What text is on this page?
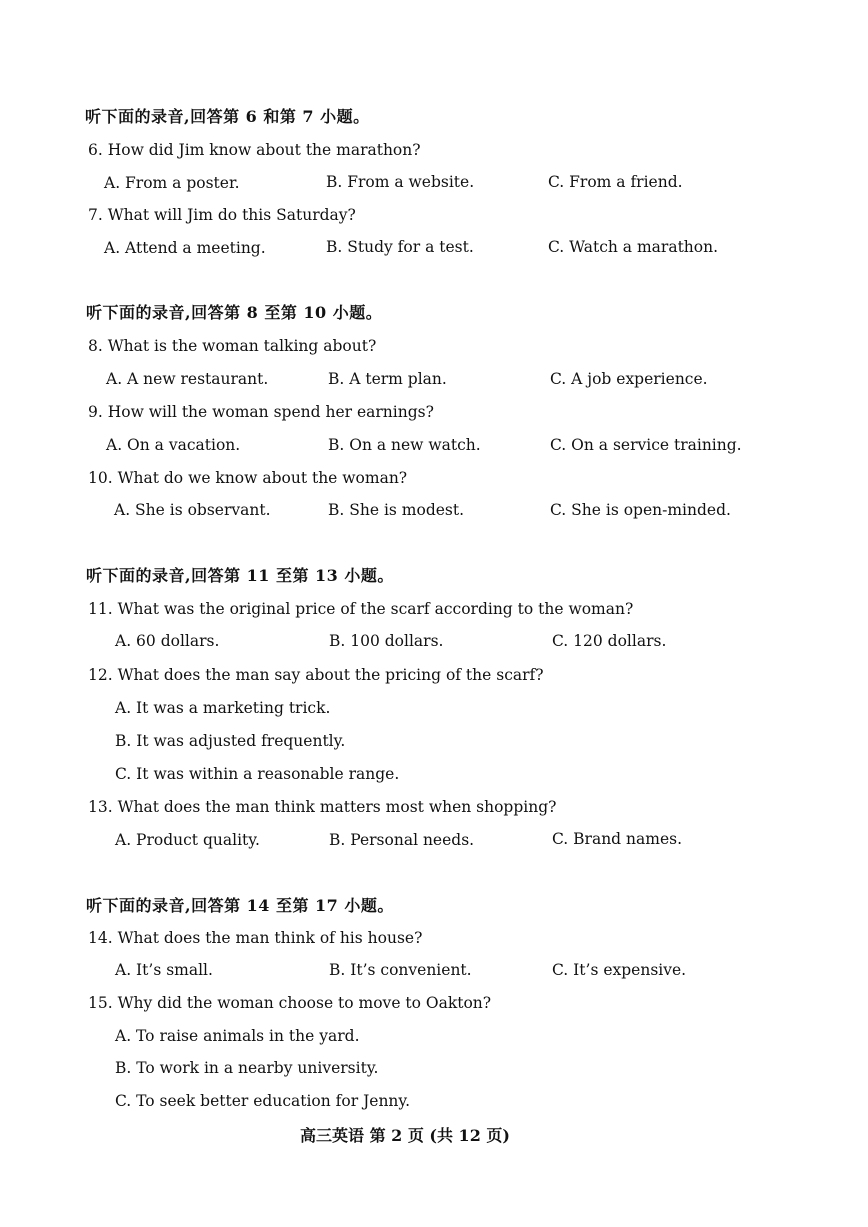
听下面的录音,回答第 6 和第 7 小题。
6. How did Jim know about the marathon?
A. From a poster.	B. From a website.	C. From a friend.
7. What will Jim do this Saturday?
A. Attend a meeting.	B. Study for a test.	C. Watch a marathon.
听下面的录音,回答第 8 至第 10 小题。
8. What is the woman talking about?
A. A new restaurant.	B. A term plan.	C. A job experience.
9. How will the woman spend her earnings?
A. On a vacation.	B. On a new watch.	C. On a service training.
10. What do we know about the woman?
A. She is observant.	B. She is modest.	C. She is open-minded.
听下面的录音,回答第 11 至第 13 小题。
11. What was the original price of the scarf according to the woman?
A. 60 dollars.	B. 100 dollars.	C. 120 dollars.
12. What does the man say about the pricing of the scarf?
A. It was a marketing trick.
B. It was adjusted frequently.
C. It was within a reasonable range.
13. What does the man think matters most when shopping?
A. Product quality.	B. Personal needs.	C. Brand names.
听下面的录音,回答第 14 至第 17 小题。
14. What does the man think of his house?
A. It’s small.	B. It’s convenient.	C. It’s expensive.
15. Why did the woman choose to move to Oakton?
A. To raise animals in the yard.
B. To work in a nearby university.
C. To seek better education for Jenny.
高三英语 第 2 页 (共 12 页)
